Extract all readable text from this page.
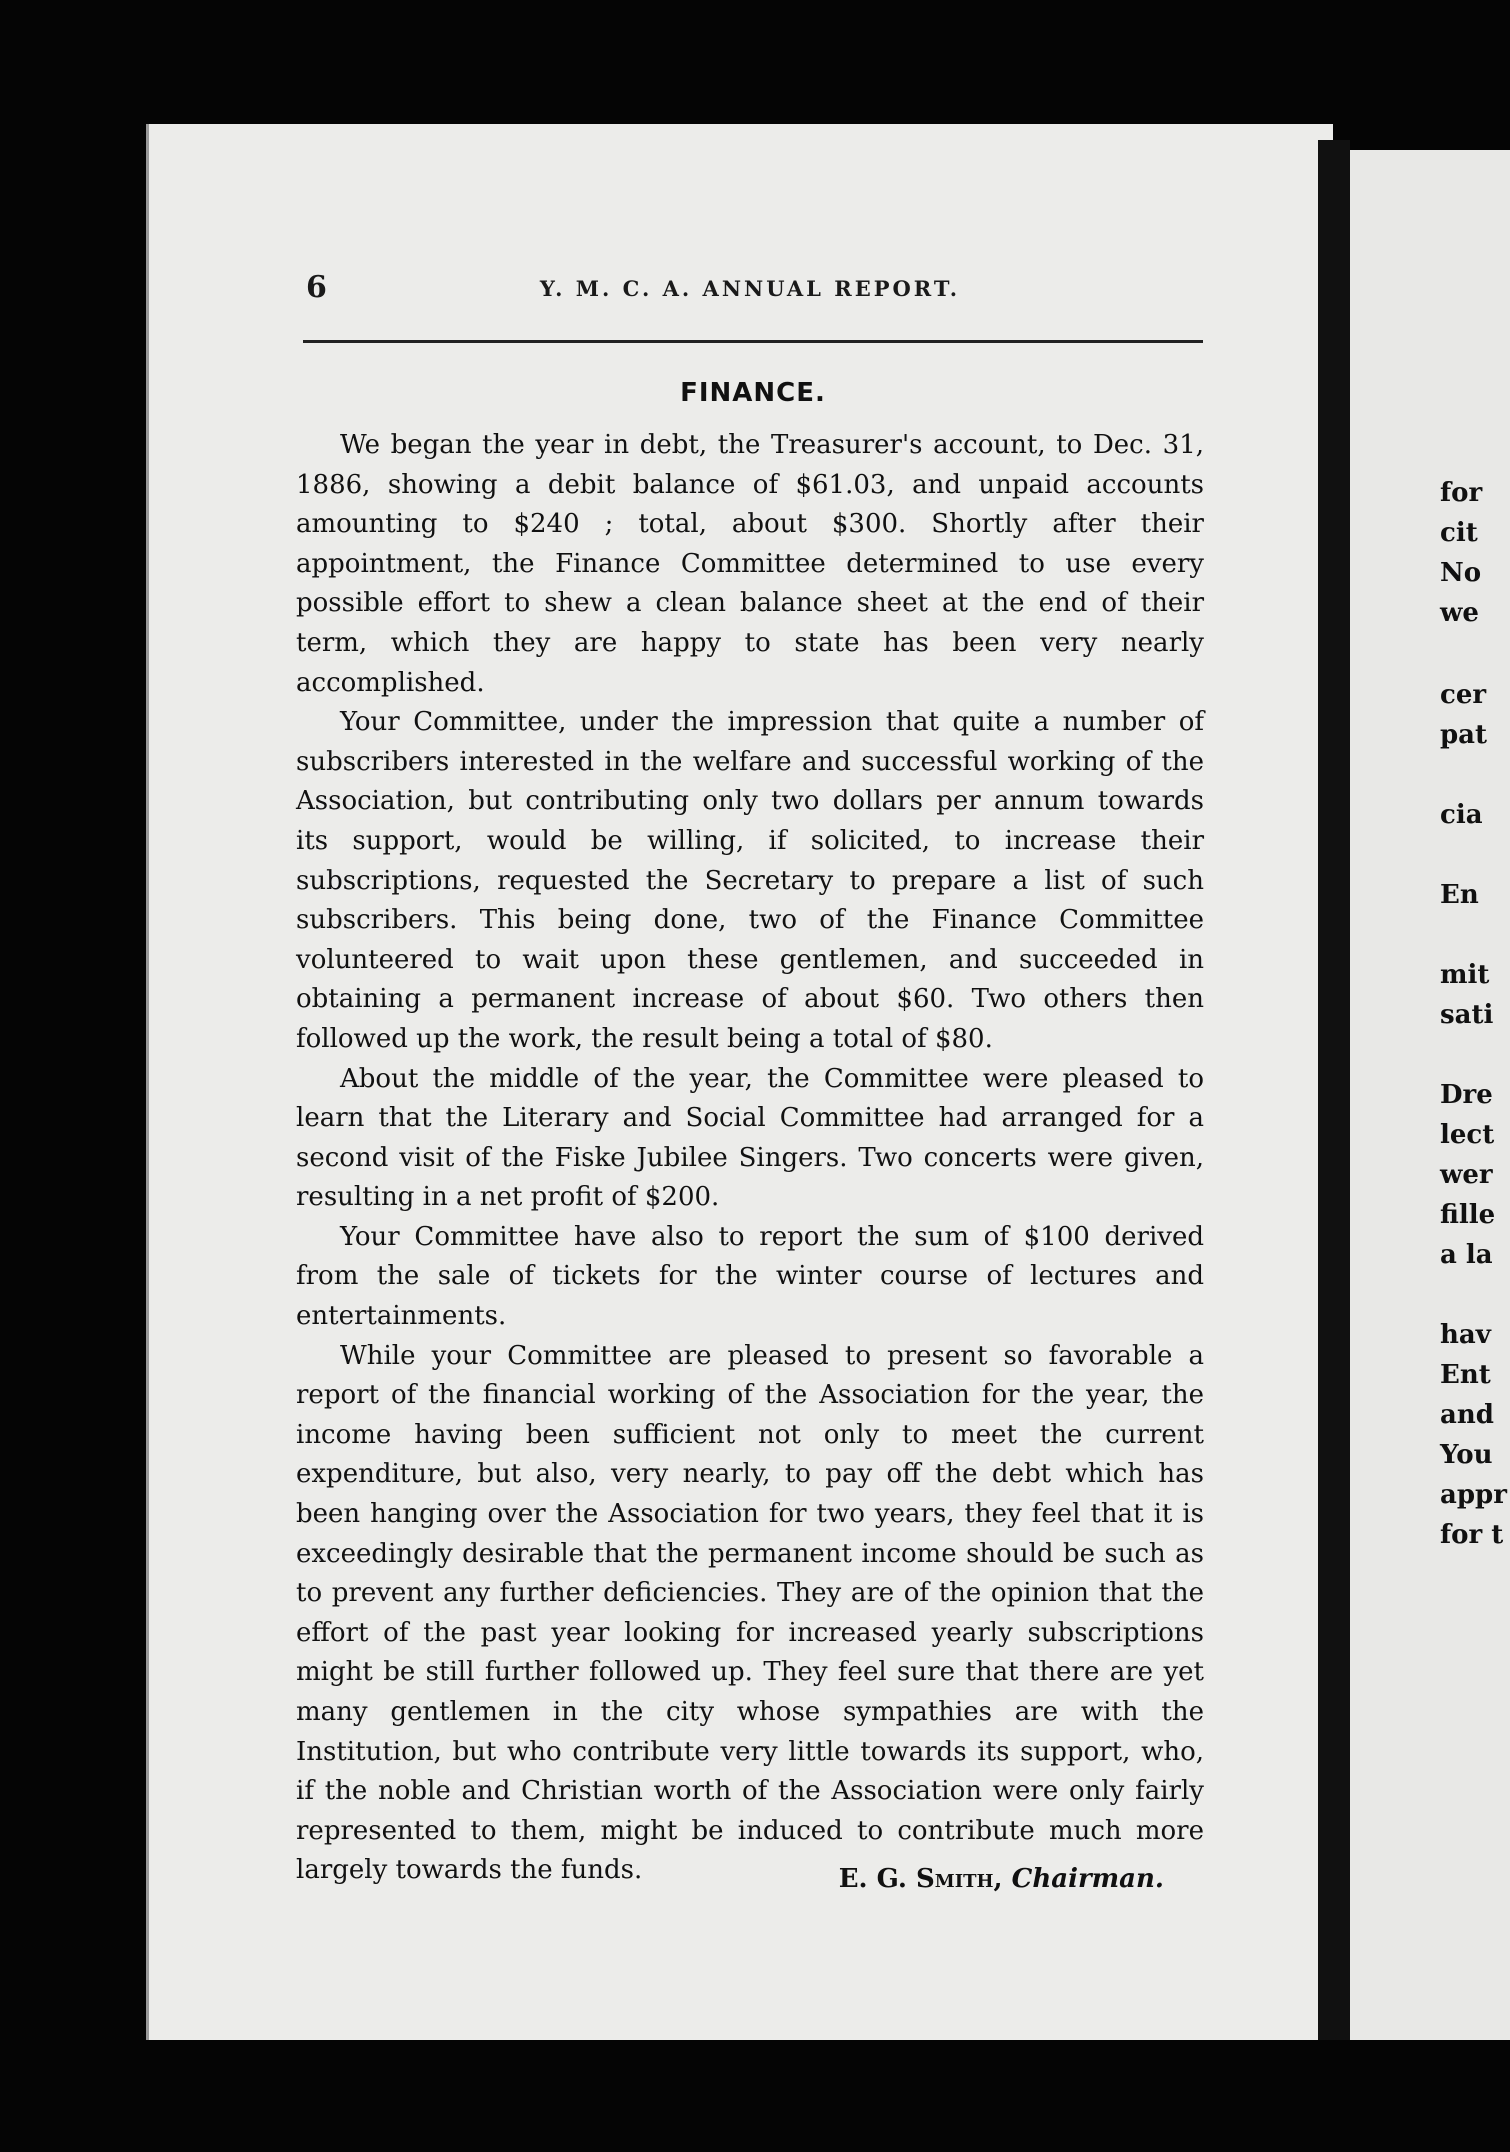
6	Y. M. C. A. ANNUAL REPORT.
FINANCE.

We began the year in debt, the Treasurer's account, to Dec. 31, 1886, showing a debit balance of $61.03, and unpaid accounts amounting to $240 ; total, about $300. Shortly after their appointment, the Finance Committee determined to use every possible effort to shew a clean balance sheet at the end of their term, which they are happy to state has been very nearly accomplished.

Your Committee, under the impression that quite a number of subscribers interested in the welfare and successful working of the Association, but contributing only two dollars per annum towards its support, would be willing, if solicited, to increase their subscriptions, requested the Secretary to prepare a list of such subscribers. This being done, two of the Finance Committee volunteered to wait upon these gentlemen, and succeeded in obtaining a permanent increase of about $60. Two others then followed up the work, the result being a total of $80.

About the middle of the year, the Committee were pleased to learn that the Literary and Social Committee had arranged for a second visit of the Fiske Jubilee Singers. Two concerts were given, resulting in a net profit of $200.

Your Committee have also to report the sum of $100 derived from the sale of tickets for the winter course of lectures and entertainments.

While your Committee are pleased to present so favorable a report of the financial working of the Association for the year, the income having been sufficient not only to meet the current expenditure, but also, very nearly, to pay off the debt which has been hanging over the Association for two years, they feel that it is exceedingly desirable that the permanent income should be such as to prevent any further deficiencies. They are of the opinion that the effort of the past year looking for increased yearly subscriptions might be still further followed up. They feel sure that there are yet many gentlemen in the city whose sympathies are with the Institution, but who contribute very little towards its support, who, if the noble and Christian worth of the Association were only fairly represented to them, might be induced to contribute much more largely towards the funds.	E. G. Smith, Chairman.
for
cit
No
we
cer
pat
cia
En
mit
sati
Dre
lect
wer
fille
a la
hav
Ent
and
You
appr
for t
